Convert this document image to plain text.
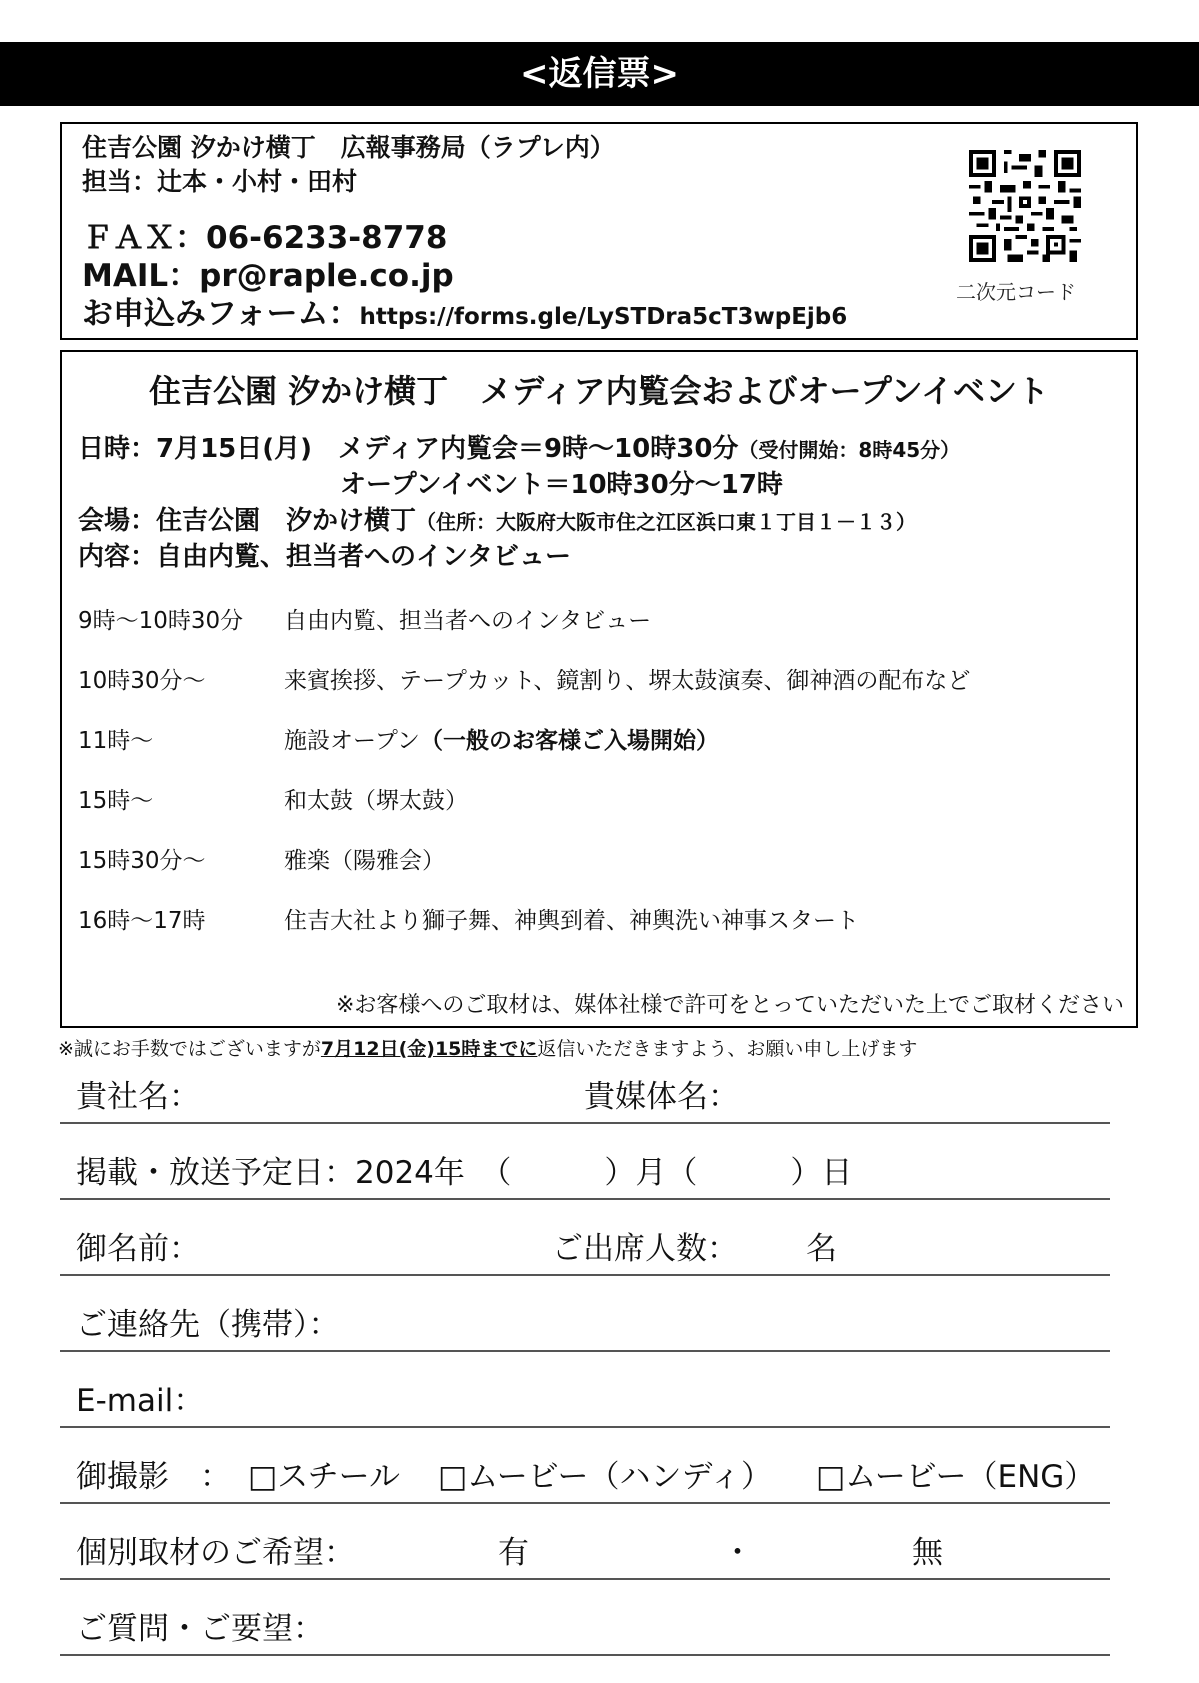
<返信票>
住吉公園 汐かけ横丁　広報事務局（ラプレ内）
担当：辻本・小村・田村
ＦＡＸ：06-6233-8778
MAIL：pr@raple.co.jp
お申込みフォーム：https://forms.gle/LySTDra5cT3wpEjb6
二次元コード
住吉公園 汐かけ横丁　メディア内覧会およびオープンイベント
日時：7月15日(月)　メディア内覧会＝9時～10時30分（受付開始：8時45分）
オープンイベント＝10時30分～17時
会場：住吉公園　汐かけ横丁（住所：大阪府大阪市住之江区浜口東１丁目１－１３）
内容：自由内覧、担当者へのインタビュー
9時～10時30分 自由内覧、担当者へのインタビュー
10時30分～	来賓挨拶、テープカット、鏡割り、堺太鼓演奏、御神酒の配布など
11時～	施設オープン（一般のお客様ご入場開始）
15時～	和太鼓（堺太鼓）
15時30分～	雅楽（陽雅会）
16時～17時	住吉大社より獅子舞、神輿到着、神輿洗い神事スタート
※お客様へのご取材は、媒体社様で許可をとっていただいた上でご取材ください
※誠にお手数ではございますが7月12日(金)15時までに返信いただきますよう、お願い申し上げます
貴社名：	貴媒体名：
掲載・放送予定日：2024年　（　　　）月（　　　）日
御名前：	ご出席人数： 名
ご連絡先（携帯）：
E-mail：
御撮影　： □スチール □ムービー（ハンディ） □ムービー（ENG）
個別取材のご希望：	有	・	無
ご質問・ご要望：
